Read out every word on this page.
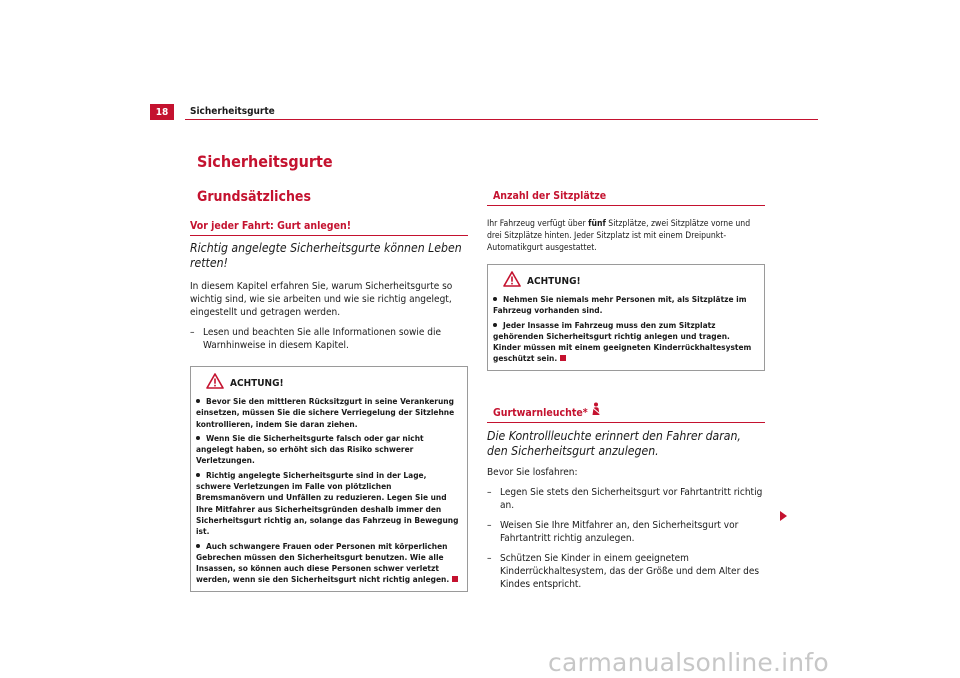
18	Sicherheitsgurte
Sicherheitsgurte
Grundsätzliches
Vor jeder Fahrt: Gurt anlegen!
Richtig angelegte Sicherheitsgurte können Leben retten!
In diesem Kapitel erfahren Sie, warum Sicherheitsgurte so wichtig sind, wie sie arbeiten und wie sie richtig angelegt, eingestellt und getragen werden.
– Lesen und beachten Sie alle Informationen sowie die Warnhinweise in diesem Kapitel.
ACHTUNG!
Bevor Sie den mittleren Rücksitzgurt in seine Verankerung einsetzen, müssen Sie die sichere Verriegelung der Sitzlehne kontrollieren, indem Sie daran ziehen.
Wenn Sie die Sicherheitsgurte falsch oder gar nicht angelegt haben, so erhöht sich das Risiko schwerer Verletzungen.
Richtig angelegte Sicherheitsgurte sind in der Lage, schwere Verletzungen im Falle von plötzlichen Bremsmanövern und Unfällen zu reduzieren. Legen Sie und Ihre Mitfahrer aus Sicherheitsgründen deshalb immer den Sicherheitsgurt richtig an, solange das Fahrzeug in Bewegung ist.
Auch schwangere Frauen oder Personen mit körperlichen Gebrechen müssen den Sicherheitsgurt benutzen. Wie alle Insassen, so können auch diese Personen schwer verletzt werden, wenn sie den Sicherheitsgurt nicht richtig anlegen.
Anzahl der Sitzplätze
Ihr Fahrzeug verfügt über fünf Sitzplätze, zwei Sitzplätze vorne und drei Sitzplätze hinten. Jeder Sitzplatz ist mit einem Dreipunkt-Automatikgurt ausgestattet.
ACHTUNG!
Nehmen Sie niemals mehr Personen mit, als Sitzplätze im Fahrzeug vorhanden sind.
Jeder Insasse im Fahrzeug muss den zum Sitzplatz gehörenden Sicherheitsgurt richtig anlegen und tragen. Kinder müssen mit einem geeigneten Kinderrückhaltesystem geschützt sein.
Gurtwarnleuchte*
Die Kontrollleuchte erinnert den Fahrer daran, den Sicherheitsgurt anzulegen.
Bevor Sie losfahren:
– Legen Sie stets den Sicherheitsgurt vor Fahrtantritt richtig an.
– Weisen Sie Ihre Mitfahrer an, den Sicherheitsgurt vor Fahrtantritt richtig anzulegen.
– Schützen Sie Kinder in einem geeignetem Kinderrückhaltesystem, das der Größe und dem Alter des Kindes entspricht.
carmanualsonline.info
